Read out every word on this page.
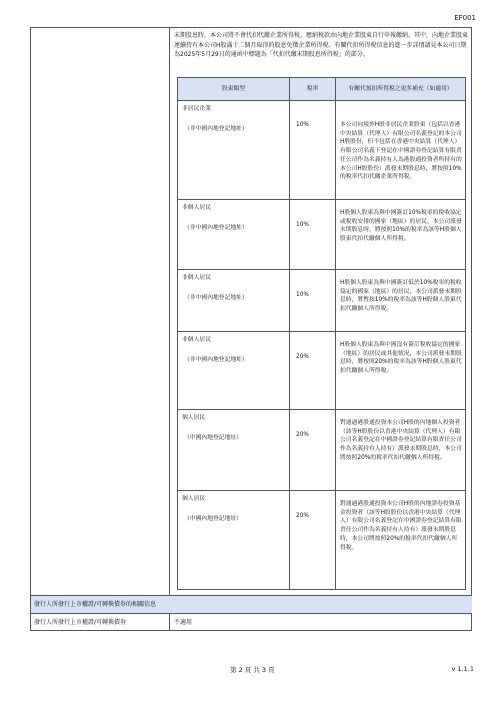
EF001
末期股息時，本公司將不會代扣代繳企業所得稅，應納稅款由內地企業股東自行申報繳納。其中，內地企業股東連續持有本公司H股滿十二個月取得的股息免徵企業所得稅。有關代扣所得稅信息的進一步詳情請見本公司日期為2025年5月29日的通函中標題為「代扣代繳末期股息所得稅」的部分。
股東類型	稅率	有關代預扣所得稅之更多補充（如適用）

非居民企業
（非中國內地登記地址）	10%	本公司向境外H股非居民企業股東（包括以香港中央結算（代理人）有限公司名義登記的本公司H股股份，但不包括在香港中央結算（代理人）有限公司名義下登記在中國證券登記結算有限責任公司作為名義持有人為港股通投資者所持有的本公司H股股份）派發末期股息時，將按照10%的稅率代扣代繳企業所得稅。

非個人居民
（非中國內地登記地址）	10%	H股個人股東為與中國簽訂10%稅率的稅收協定或稅收安排的國家（地區）的居民，本公司派發末期股息時，將按照10%的稅率為該等H股個人股東代扣代繳個人所得稅。

非個人居民
（非中國內地登記地址）	10%	H股個人股東為與中國簽訂低於10%稅率的稅收協定的國家（地區）的居民，本公司派發末期股息時，將暫按10%的稅率為該等H股個人股東代扣代繳個人所得稅。

非個人居民
（非中國內地登記地址）	20%	H股個人股東為與中國沒有簽訂稅收協定的國家（地區）的居民或其他情況，本公司派發末期股息時，將按照20%的稅率為該等H股個人股東代扣代繳個人所得稅。

個人居民
（中國內地登記地址）	20%	對通過港股通投資本公司H股的內地個人投資者（該等H股股份以香港中央結算（代理人）有限公司名義登記在中國證券登記結算有限責任公司作為名義持有人持有）派發末期股息時，本公司將按照20%的稅率代扣代繳個人所得稅。

個人居民
（中國內地登記地址）	20%	對通過港股通投資本公司H股的內地證券投資基金投資者（該等H股股份以香港中央結算（代理人）有限公司名義登記在中國證券登記結算有限責任公司作為名義持有人持有）派發末期股息時，本公司將按照20%的稅率代扣代繳個人所得稅。
發行人所發行上市權證/可轉換債券的相關信息
發行人所發行上市權證/可轉換債券	不適用
第 2 頁 共 3 頁	v 1.1.1
